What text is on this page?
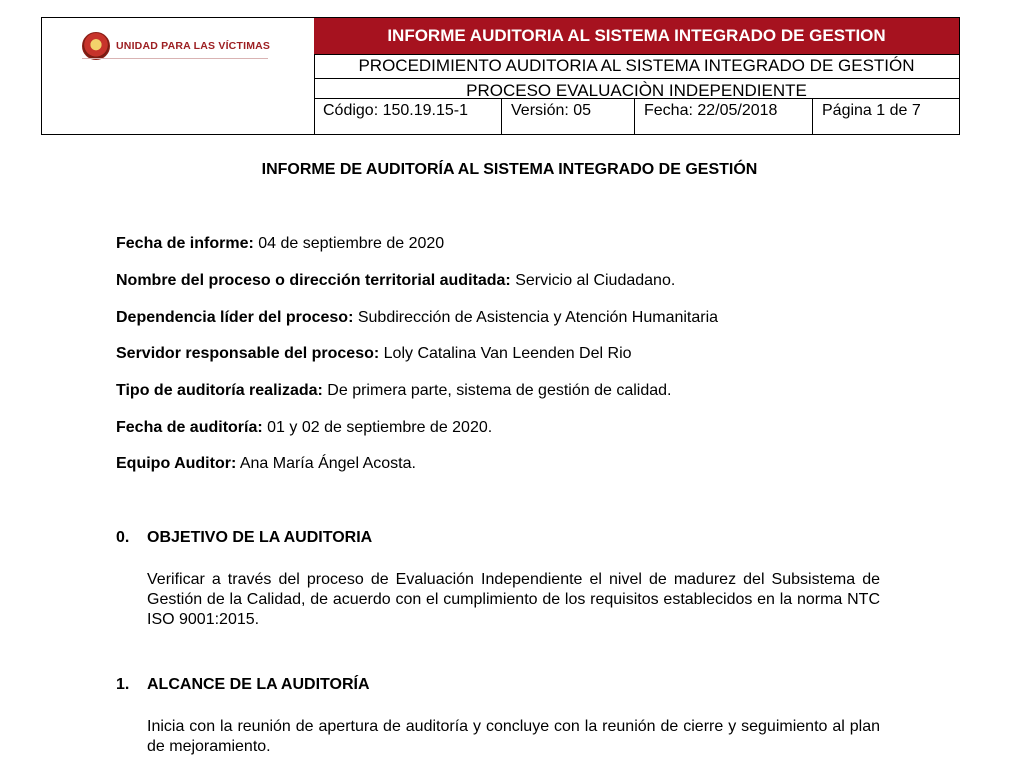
UNIDAD PARA LAS VÍCTIMAS
INFORME AUDITORIA AL SISTEMA INTEGRADO DE GESTION
PROCEDIMIENTO AUDITORIA AL SISTEMA INTEGRADO DE GESTIÓN
PROCESO EVALUACIÒN INDEPENDIENTE
Código: 150.19.15-1	Versión: 05	Fecha: 22/05/2018	Página 1 de 7
INFORME DE AUDITORÍA AL SISTEMA INTEGRADO DE GESTIÓN
Fecha de informe: 04 de septiembre de 2020
Nombre del proceso o dirección territorial auditada: Servicio al Ciudadano.
Dependencia líder del proceso: Subdirección de Asistencia y Atención Humanitaria
Servidor responsable del proceso: Loly Catalina Van Leenden Del Rio
Tipo de auditoría realizada: De primera parte, sistema de gestión de calidad.
Fecha de auditoría: 01 y 02 de septiembre de 2020.
Equipo Auditor: Ana María Ángel Acosta.
0. OBJETIVO DE LA AUDITORIA
Verificar a través del proceso de Evaluación Independiente el nivel de madurez del Subsistema de Gestión de la Calidad, de acuerdo con el cumplimiento de los requisitos establecidos en la norma NTC ISO 9001:2015.
1. ALCANCE DE LA AUDITORÍA
Inicia con la reunión de apertura de auditoría y concluye con la reunión de cierre y seguimiento al plan de mejoramiento.
